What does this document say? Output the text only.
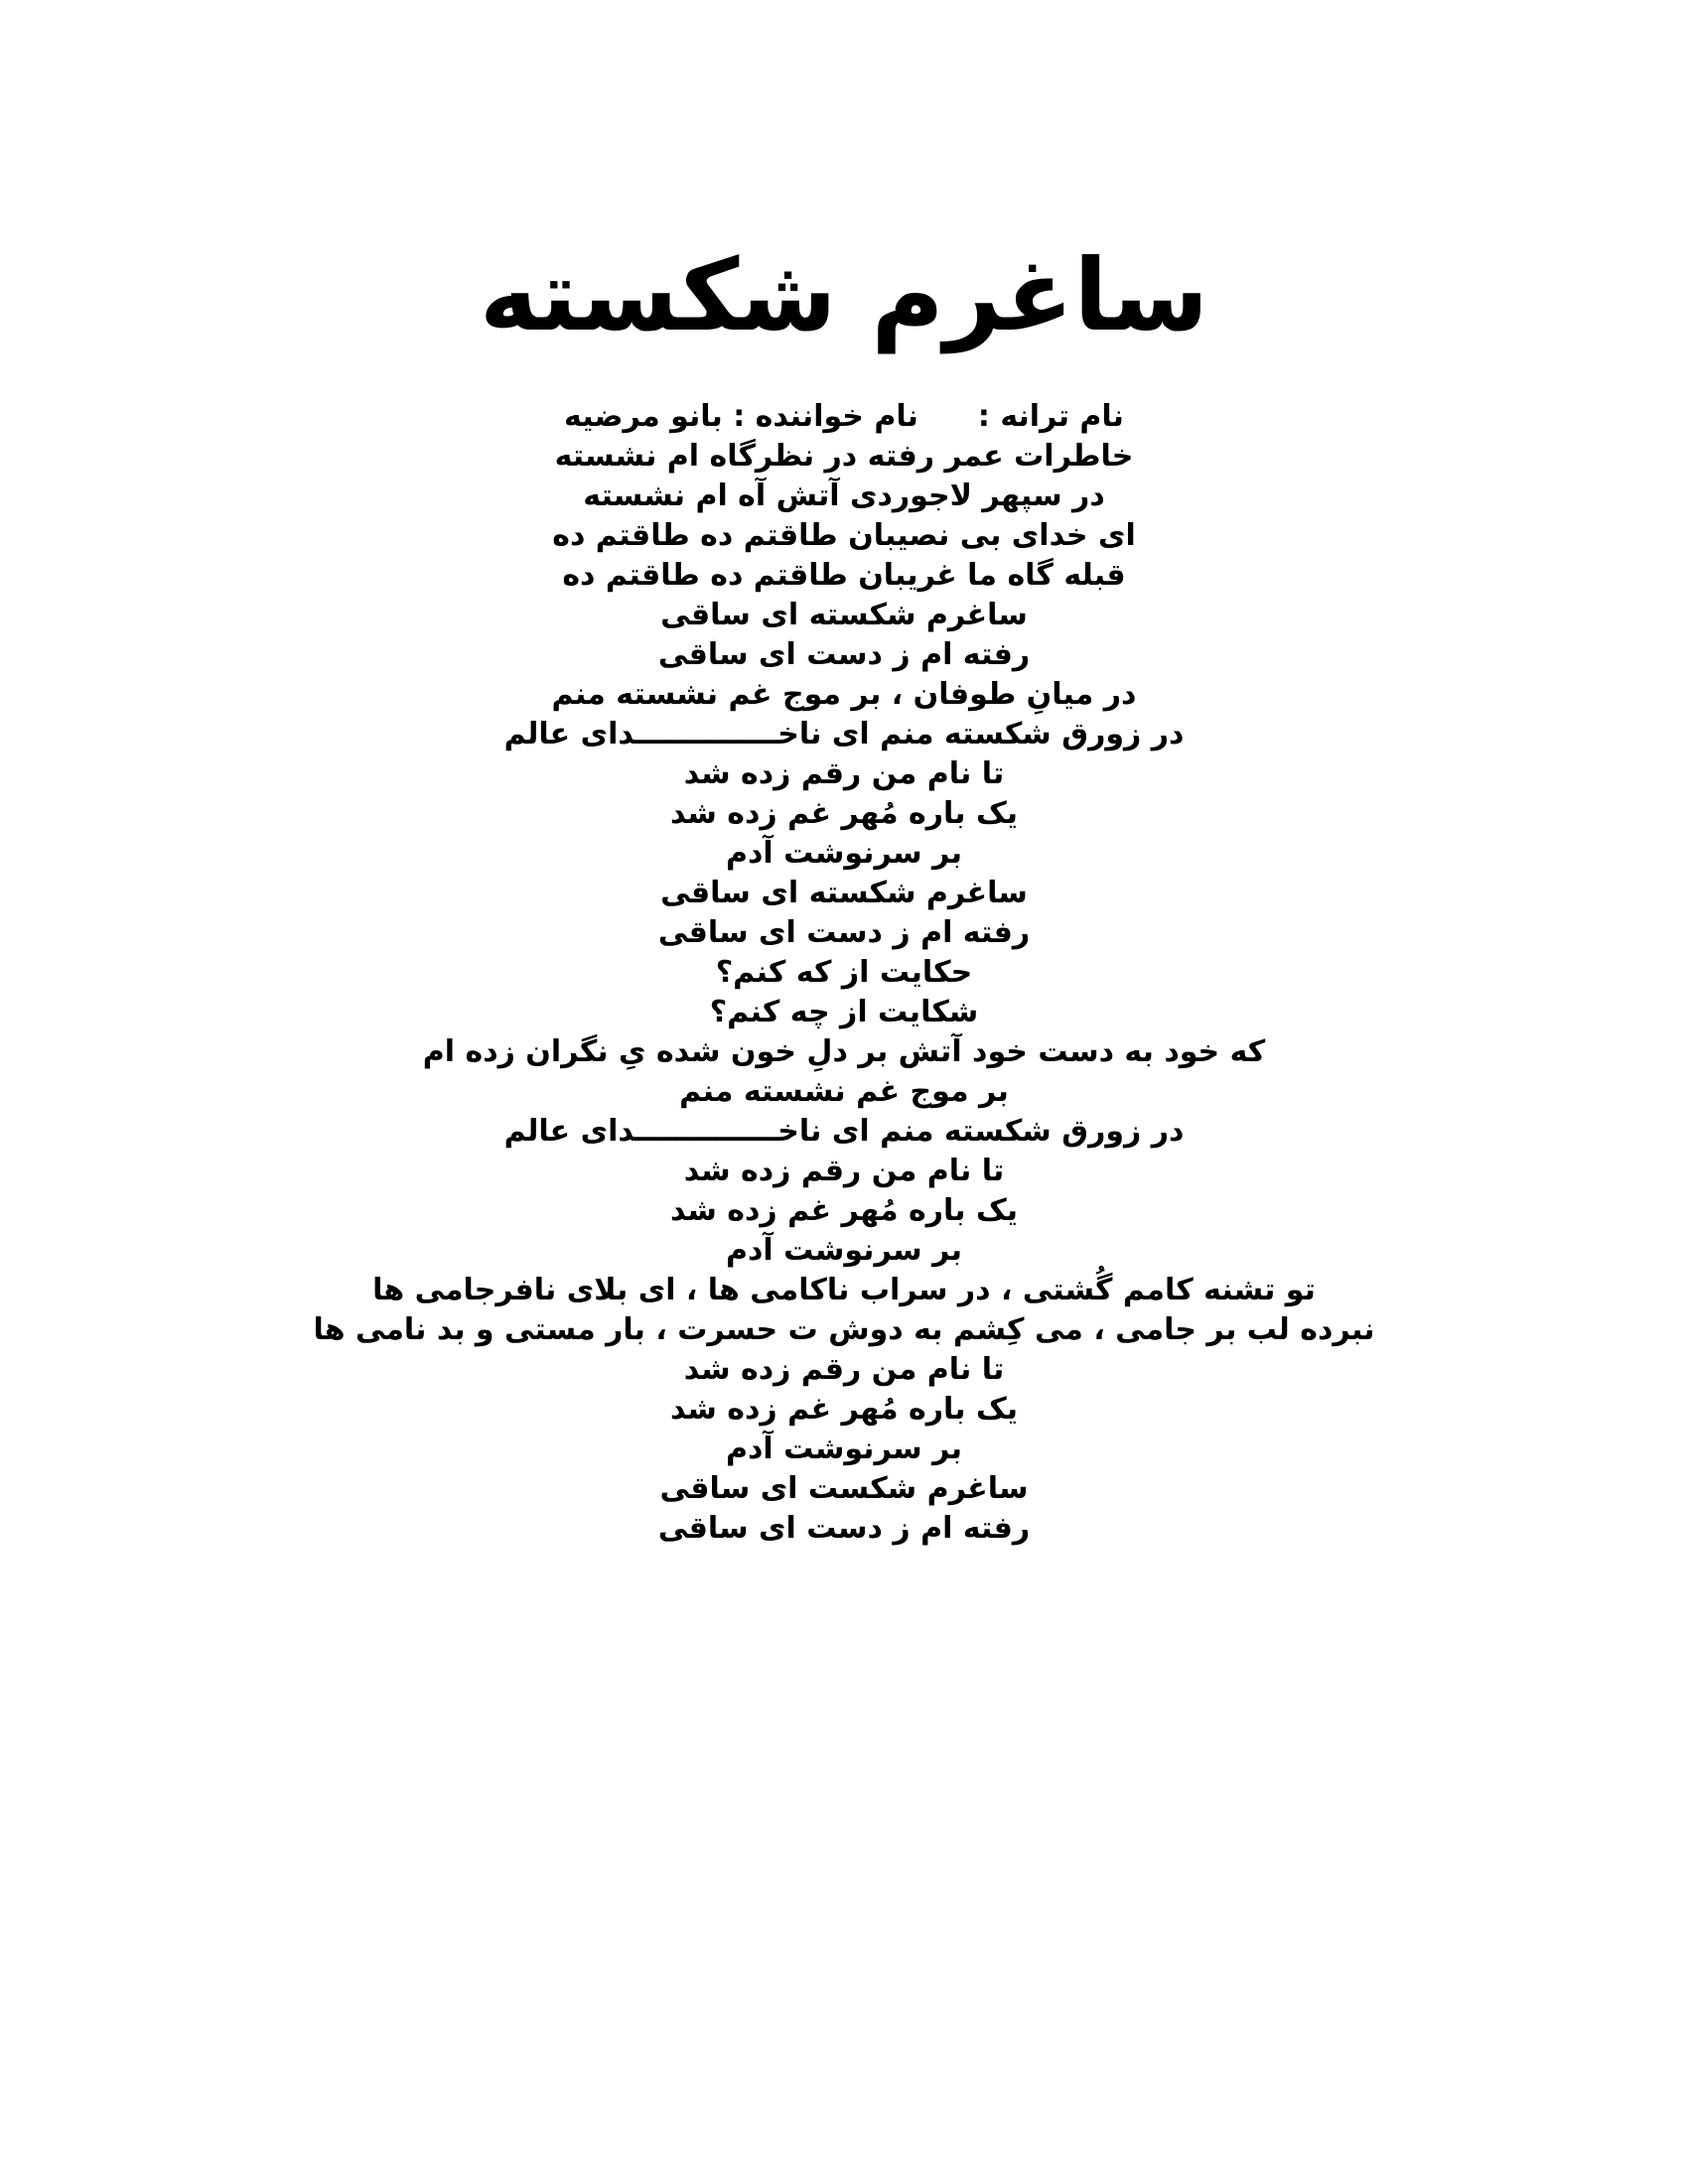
ساغرم شکسته
نام ترانه :نام خواننده : بانو مرضیه
خاطرات عمر رفته در نظرگاه ام نشسته
در سپهر لاجوردی آتش آه ام نشسته
ای خدای بی نصیبان طاقتم ده طاقتم ده
قبله گاه ما غریبان طاقتم ده طاقتم ده
ساغرم شکسته ای ساقی
رفته ام ز دست ای ساقی
در میانِ طوفان ، بر موج غم نشسته منم
در زورق شکسته منم ای ناخــــــــــــــدای عالم
تا نام من رقم زده شد
یک باره مُهر غم زده شد
بر سرنوشت آدم
ساغرم شکسته ای ساقی
رفته ام ز دست ای ساقی
حکایت از که کنم؟
شکایت از چه کنم؟
که خود به دست خود آتش بر دلِ خون شده یِ نگران زده ام
بر موج غم نشسته منم
در زورق شکسته منم ای ناخــــــــــــــدای عالم
تا نام من رقم زده شد
یک باره مُهر غم زده شد
بر سرنوشت آدم
تو تشنه کامم گُشتی ، در سراب ناکامی ها ، ای بلای نافرجامی ها
نبرده لب بر جامی ، می کِشم به دوش ت حسرت ، بار مستی و بد نامی ها
تا نام من رقم زده شد
یک باره مُهر غم زده شد
بر سرنوشت آدم
ساغرم شکست ای ساقی
رفته ام ز دست ای ساقی
